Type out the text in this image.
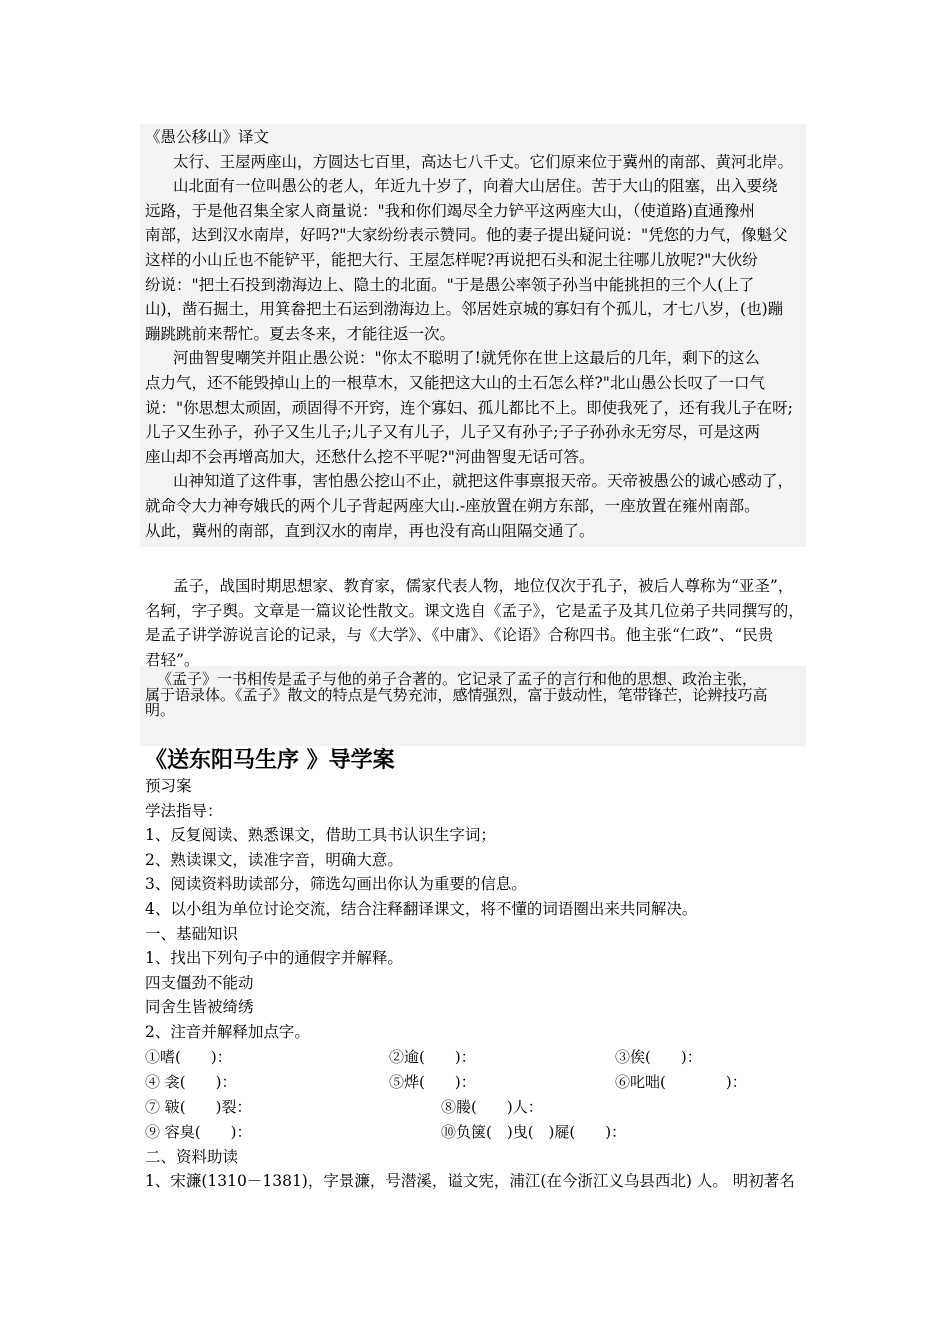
《愚公移山》译文
太行、王屋两座山，方圆达七百里，高达七八千丈。它们原来位于冀州的南部、黄河北岸。
山北面有一位叫愚公的老人，年近九十岁了，向着大山居住。苦于大山的阻塞，出入要绕
远路，于是他召集全家人商量说："我和你们竭尽全力铲平这两座大山，（使道路)直通豫州
南部，达到汉水南岸，好吗?"大家纷纷表示赞同。他的妻子提出疑问说："凭您的力气，像魁父
这样的小山丘也不能铲平，能把大行、王屋怎样呢?再说把石头和泥土往哪儿放呢?"大伙纷
纷说："把土石投到渤海边上、隐土的北面。"于是愚公率领子孙当中能挑担的三个人(上了
山)，凿石掘土，用箕畚把土石运到渤海边上。邻居姓京城的寡妇有个孤儿，才七八岁，(也)蹦
蹦跳跳前来帮忙。夏去冬来，才能往返一次。
河曲智叟嘲笑并阻止愚公说："你太不聪明了!就凭你在世上这最后的几年，剩下的这么
点力气，还不能毁掉山上的一根草木，又能把这大山的土石怎么样?"北山愚公长叹了一口气
说："你思想太顽固，顽固得不开窍，连个寡妇、孤儿都比不上。即使我死了，还有我儿子在呀;
儿子又生孙子，孙子又生儿子;儿子又有儿子，儿子又有孙子;子子孙孙永无穷尽，可是这两
座山却不会再增高加大，还愁什么挖不平呢?"河曲智叟无话可答。
山神知道了这件事，害怕愚公挖山不止，就把这件事禀报天帝。天帝被愚公的诚心感动了，
就命令大力神夸娥氏的两个儿子背起两座大山.-座放置在朔方东部，一座放置在雍州南部。
从此，冀州的南部，直到汉水的南岸，再也没有高山阻隔交通了。
孟子，战国时期思想家、教育家，儒家代表人物，地位仅次于孔子，被后人尊称为“亚圣”，
名轲，字子舆。文章是一篇议论性散文。课文选自《孟子》，它是孟子及其几位弟子共同撰写的，
是孟子讲学游说言论的记录，与《大学》、《中庸》、《论语》合称四书。他主张“仁政”、“民贵
君轻”。
《孟子》一书相传是孟子与他的弟子合著的。它记录了孟子的言行和他的思想、政治主张，
属于语录体。《孟子》散文的特点是气势充沛，感情强烈，富于鼓动性，笔带锋芒，论辨技巧高
明。
《送东阳马生序 》导学案
预习案
学法指导：
1、反复阅读、熟悉课文，借助工具书认识生字词；
2、熟读课文，读准字音，明确大意。
3、阅读资料助读部分，筛选勾画出你认为重要的信息。
4、以小组为单位讨论交流，结合注释翻译课文，将不懂的词语圈出来共同解决。
一、基础知识
1、找出下列句子中的通假字并解释。
四支僵劲不能动
同舍生皆被绮绣
2、注音并解释加点字。
①嗜(　　)：	②逾(　　)：	③俟(　　)：
④ 衾(　　)：	⑤烨(　　)：	⑥叱咄(　　　　)：
⑦ 皲(　　)裂：	⑧媵(　　)人：
⑨ 容臭(　　)：	⑩负箧(　)曳(　)屣(　　)：
二、资料助读
1、宋濂(1310－1381)，字景濂，号潜溪，谥文宪，浦江(在今浙江义乌县西北) 人。 明初著名
